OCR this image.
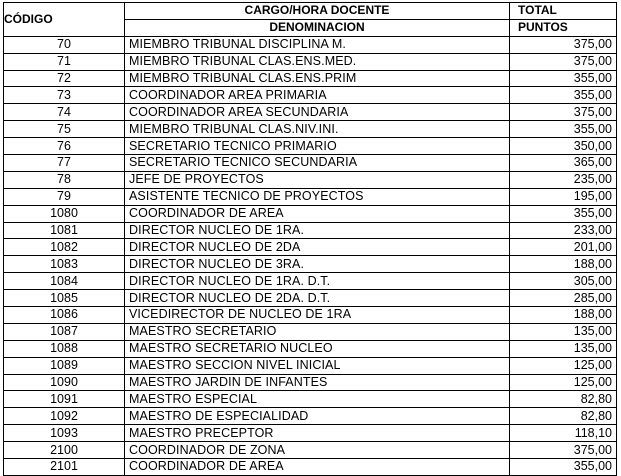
CÓDIGO	CARGO/HORA DOCENTE	TOTAL
	DENOMINACION	PUNTOS
70	MIEMBRO TRIBUNAL DISCIPLINA M.	375,00
71	MIEMBRO TRIBUNAL CLAS.ENS.MED.	375,00
72	MIEMBRO TRIBUNAL CLAS.ENS.PRIM	355,00
73	COORDINADOR AREA PRIMARIA	355,00
74	COORDINADOR AREA SECUNDARIA	375,00
75	MIEMBRO TRIBUNAL CLAS.NIV.INI.	355,00
76	SECRETARIO TECNICO PRIMARIO	350,00
77	SECRETARIO TECNICO SECUNDARIA	365,00
78	JEFE DE PROYECTOS	235,00
79	ASISTENTE TECNICO DE PROYECTOS	195,00
1080	COORDINADOR DE AREA	355,00
1081	DIRECTOR NUCLEO DE 1RA.	233,00
1082	DIRECTOR NUCLEO DE 2DA	201,00
1083	DIRECTOR NUCLEO DE 3RA.	188,00
1084	DIRECTOR NUCLEO DE 1RA. D.T.	305,00
1085	DIRECTOR NUCLEO DE 2DA. D.T.	285,00
1086	VICEDIRECTOR DE NUCLEO DE 1RA	188,00
1087	MAESTRO SECRETARIO	135,00
1088	MAESTRO SECRETARIO NUCLEO	135,00
1089	MAESTRO SECCION NIVEL INICIAL	125,00
1090	MAESTRO JARDIN DE INFANTES	125,00
1091	MAESTRO ESPECIAL	82,80
1092	MAESTRO DE ESPECIALIDAD	82,80
1093	MAESTRO PRECEPTOR	118,10
2100	COORDINADOR DE ZONA	375,00
2101	COORDINADOR DE AREA	355,00
